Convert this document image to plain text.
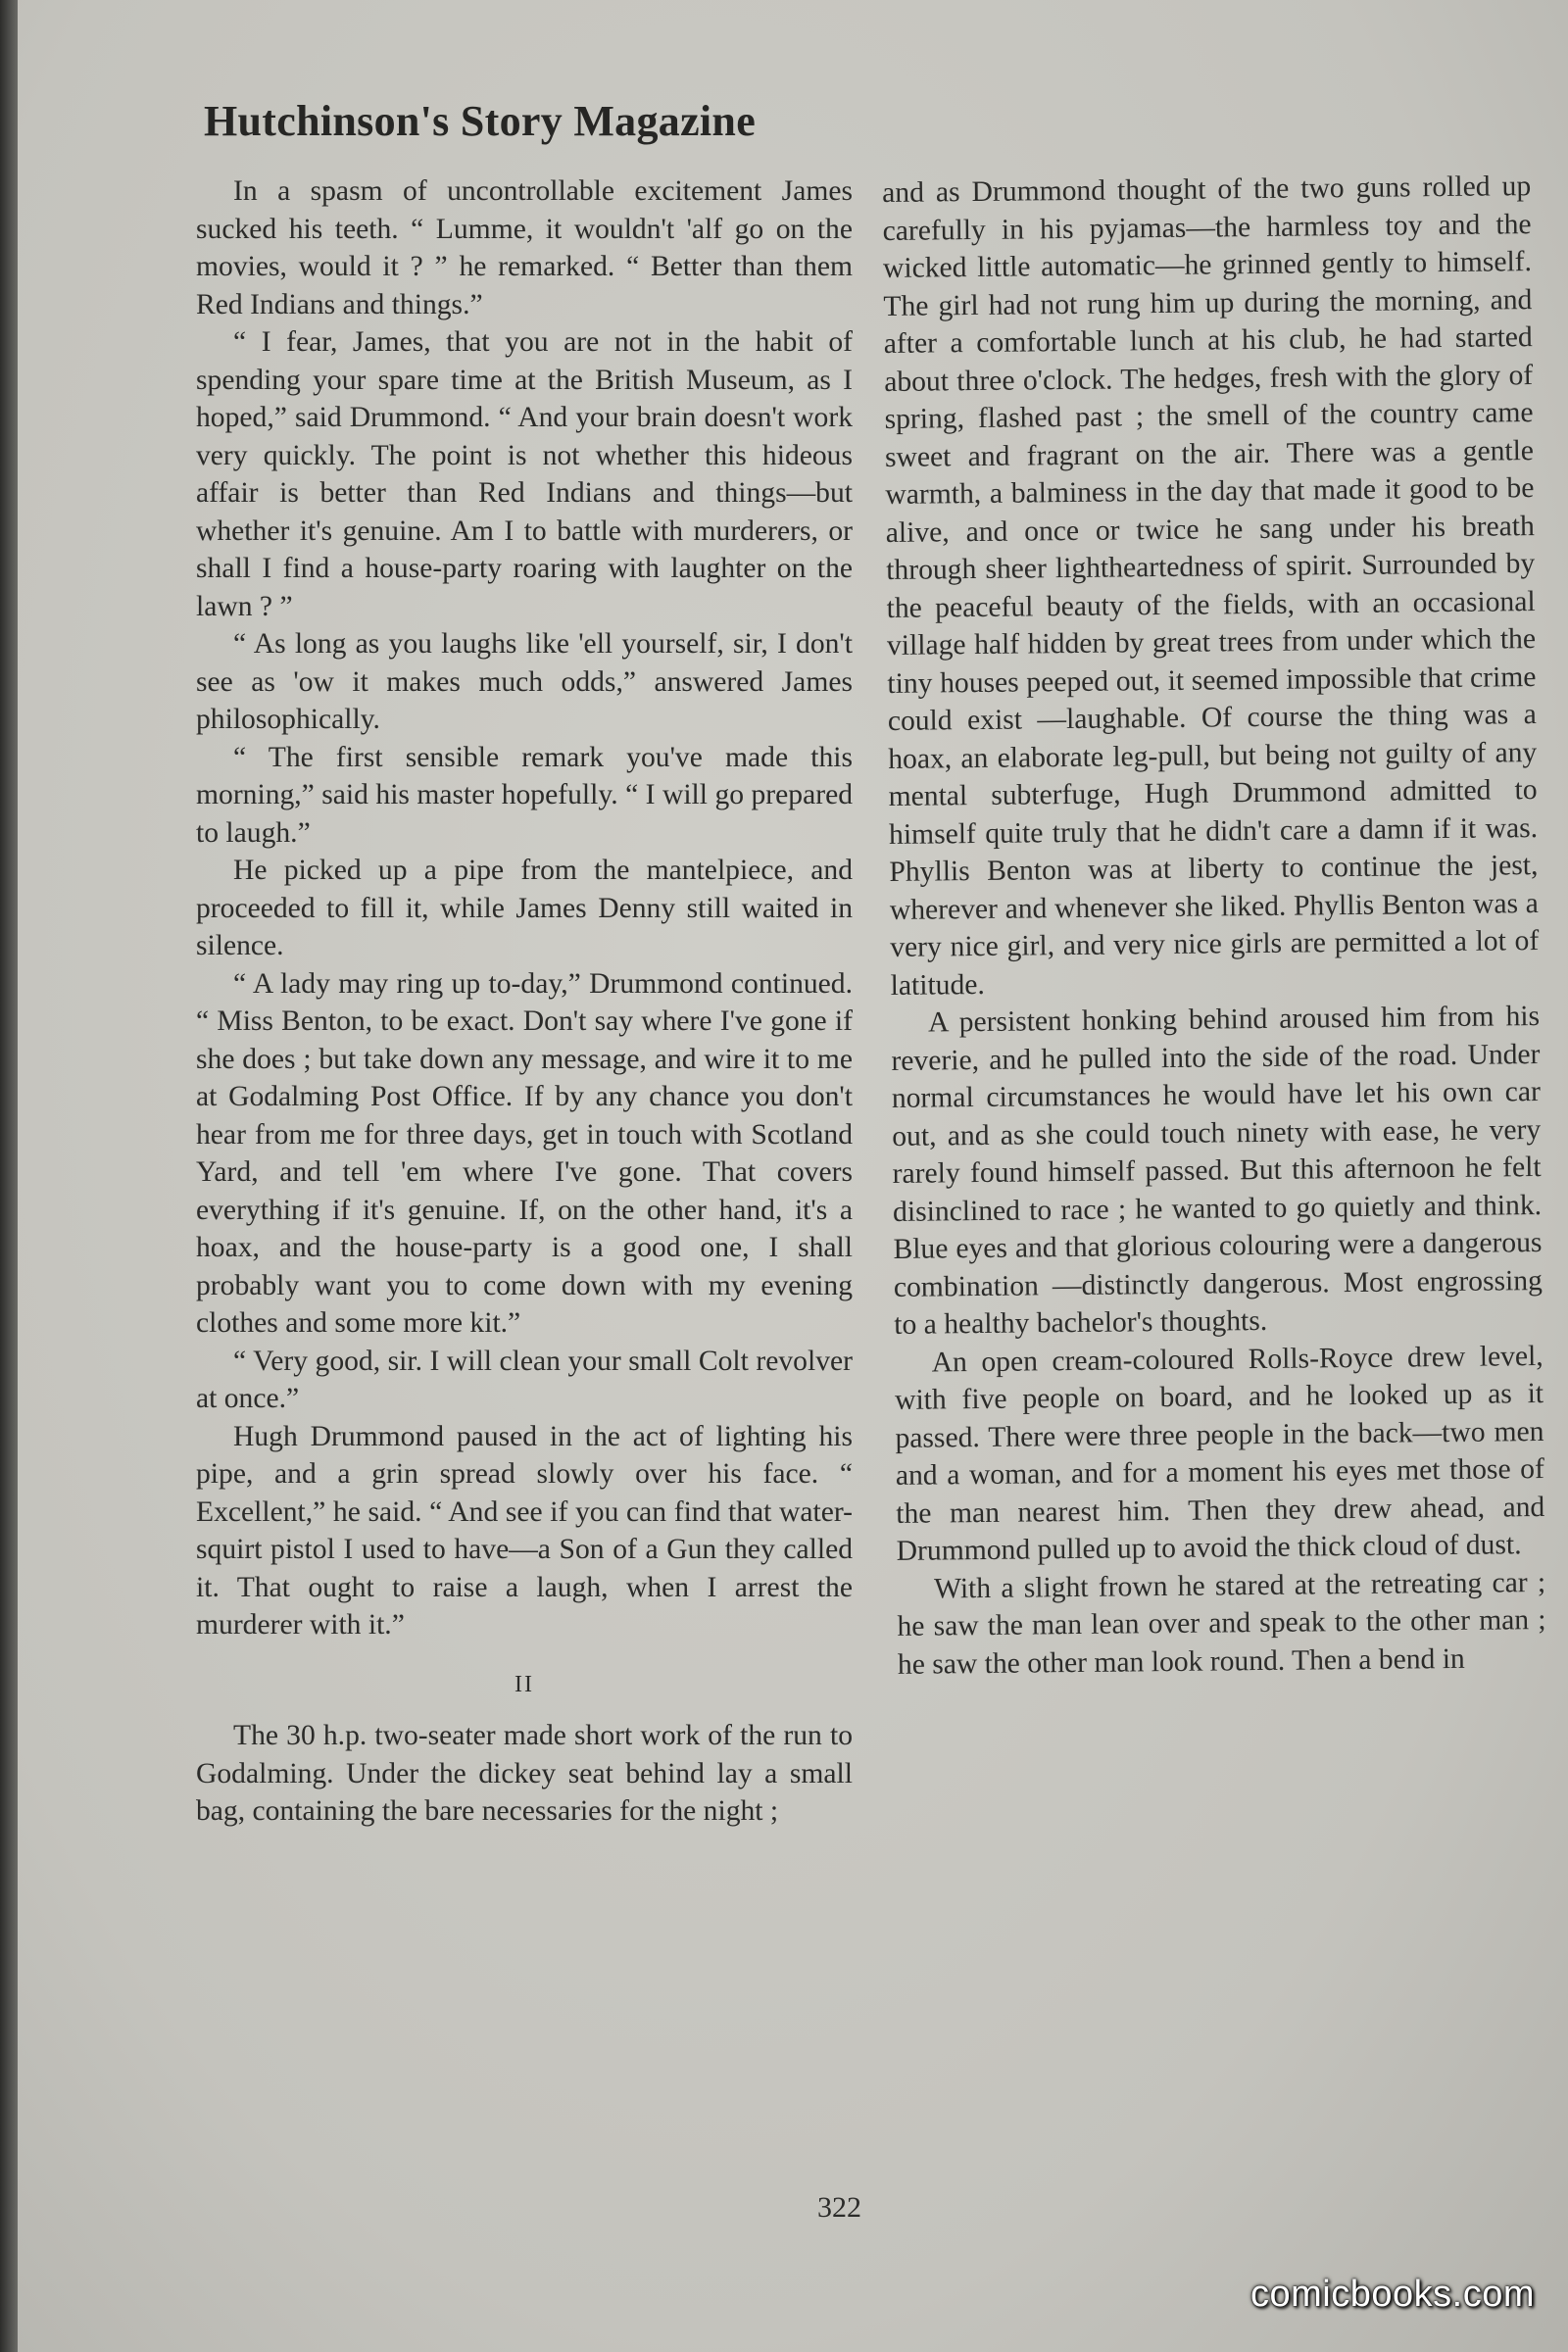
Hutchinson's Story Magazine

In a spasm of uncontrollable excitement James sucked his teeth. “ Lumme, it wouldn't 'alf go on the movies, would it ? ” he remarked. “ Better than them Red Indians and things.”

“ I fear, James, that you are not in the habit of spending your spare time at the British Museum, as I hoped,” said Drummond. “ And your brain doesn't work very quickly. The point is not whether this hideous affair is better than Red Indians and things—but whether it's genuine. Am I to battle with murderers, or shall I find a house-party roaring with laughter on the lawn ? ”

“ As long as you laughs like 'ell yourself, sir, I don't see as 'ow it makes much odds,” answered James philosophically.

“ The first sensible remark you've made this morning,” said his master hopefully. “ I will go prepared to laugh.”

He picked up a pipe from the mantelpiece, and proceeded to fill it, while James Denny still waited in silence.

“ A lady may ring up to-day,” Drummond continued. “ Miss Benton, to be exact. Don't say where I've gone if she does ; but take down any message, and wire it to me at Godalming Post Office. If by any chance you don't hear from me for three days, get in touch with Scotland Yard, and tell 'em where I've gone. That covers everything if it's genuine. If, on the other hand, it's a hoax, and the house-party is a good one, I shall probably want you to come down with my evening clothes and some more kit.”

“ Very good, sir. I will clean your small Colt revolver at once.”

Hugh Drummond paused in the act of lighting his pipe, and a grin spread slowly over his face. “ Excellent,” he said. “ And see if you can find that water-squirt pistol I used to have—a Son of a Gun they called it. That ought to raise a laugh, when I arrest the murderer with it.”

II

The 30 h.p. two-seater made short work of the run to Godalming. Under the dickey seat behind lay a small bag, containing the bare necessaries for the night ;

and as Drummond thought of the two guns rolled up carefully in his pyjamas—the harmless toy and the wicked little automatic—he grinned gently to himself. The girl had not rung him up during the morning, and after a comfortable lunch at his club, he had started about three o'clock. The hedges, fresh with the glory of spring, flashed past ; the smell of the country came sweet and fragrant on the air. There was a gentle warmth, a balminess in the day that made it good to be alive, and once or twice he sang under his breath through sheer lightheartedness of spirit. Surrounded by the peaceful beauty of the fields, with an occasional village half hidden by great trees from under which the tiny houses peeped out, it seemed impossible that crime could exist —laughable. Of course the thing was a hoax, an elaborate leg-pull, but being not guilty of any mental subterfuge, Hugh Drummond admitted to himself quite truly that he didn't care a damn if it was. Phyllis Benton was at liberty to continue the jest, wherever and whenever she liked. Phyllis Benton was a very nice girl, and very nice girls are permitted a lot of latitude.

A persistent honking behind aroused him from his reverie, and he pulled into the side of the road. Under normal circumstances he would have let his own car out, and as she could touch ninety with ease, he very rarely found himself passed. But this afternoon he felt disinclined to race ; he wanted to go quietly and think. Blue eyes and that glorious colouring were a dangerous combination —distinctly dangerous. Most engrossing to a healthy bachelor's thoughts.

An open cream-coloured Rolls-Royce drew level, with five people on board, and he looked up as it passed. There were three people in the back—two men and a woman, and for a moment his eyes met those of the man nearest him. Then they drew ahead, and Drummond pulled up to avoid the thick cloud of dust.

With a slight frown he stared at the retreating car ; he saw the man lean over and speak to the other man ; he saw the other man look round. Then a bend in

322
comicbooks.com
